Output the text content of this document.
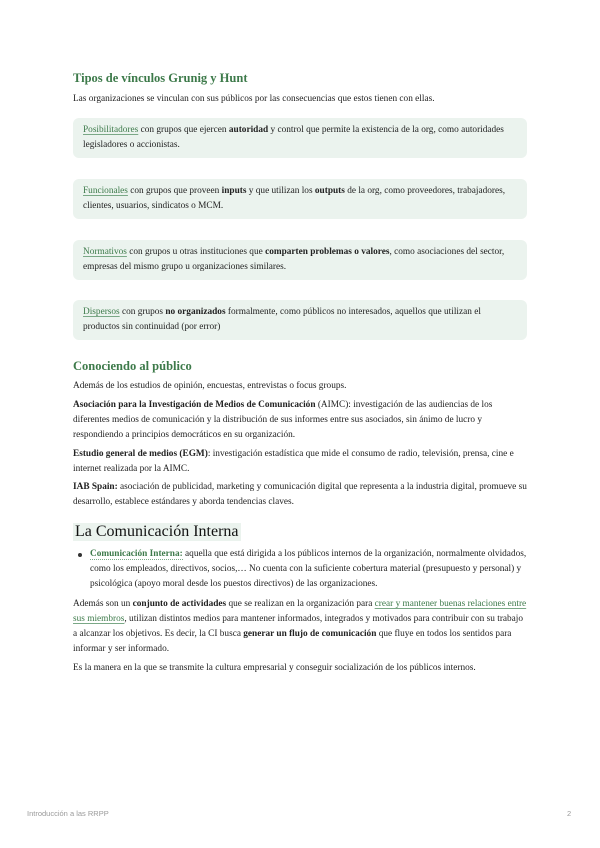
Tipos de vínculos Grunig y Hunt

Las organizaciones se vinculan con sus públicos por las consecuencias que estos tienen con ellas.

Posibilitadores con grupos que ejercen autoridad y control que permite la existencia de la org, como autoridades legisladores o accionistas.
Funcionales con grupos que proveen inputs y que utilizan los outputs de la org, como proveedores, trabajadores, clientes, usuarios, sindicatos o MCM.
Normativos con grupos u otras instituciones que comparten problemas o valores, como asociaciones del sector, empresas del mismo grupo u organizaciones similares.
Dispersos con grupos no organizados formalmente, como públicos no interesados, aquellos que utilizan el productos sin continuidad (por error)
Conociendo al público

Además de los estudios de opinión, encuestas, entrevistas o focus groups.

Asociación para la Investigación de Medios de Comunicación (AIMC): investigación de las audiencias de los diferentes medios de comunicación y la distribución de sus informes entre sus asociados, sin ánimo de lucro y respondiendo a principios democráticos en su organización.

Estudio general de medios (EGM): investigación estadística que mide el consumo de radio, televisión, prensa, cine e internet realizada por la AIMC.

IAB Spain: asociación de publicidad, marketing y comunicación digital que representa a la industria digital, promueve su desarrollo, establece estándares y aborda tendencias claves.

La Comunicación Interna
Comunicación Interna: aquella que está dirigida a los públicos internos de la organización, normalmente olvidados, como los empleados, directivos, socios,… No cuenta con la suficiente cobertura material (presupuesto y personal) y psicológica (apoyo moral desde los puestos directivos) de las organizaciones.

Además son un conjunto de actividades que se realizan en la organización para crear y mantener buenas relaciones entre sus miembros, utilizan distintos medios para mantener informados, integrados y motivados para contribuir con su trabajo a alcanzar los objetivos. Es decir, la CI busca generar un flujo de comunicación que fluye en todos los sentidos para informar y ser informado.

Es la manera en la que se transmite la cultura empresarial y conseguir socialización de los públicos internos.

Introducción a las RRPP	2
